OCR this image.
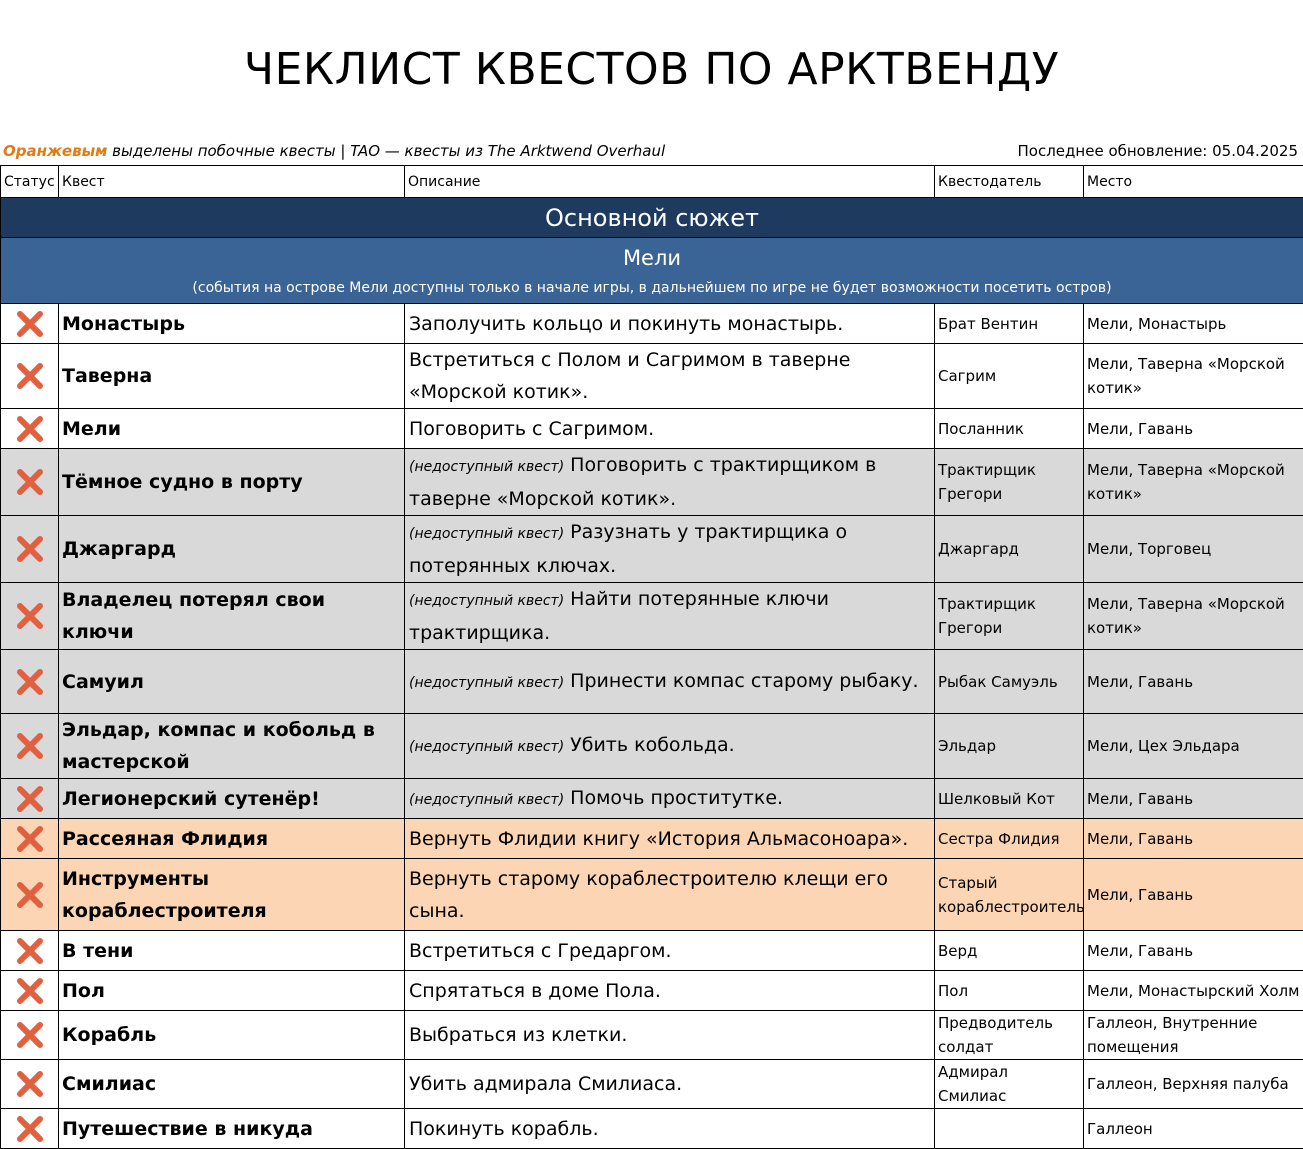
ЧЕКЛИСТ КВЕСТОВ ПО АРКТВЕНДУ
Оранжевым выделены побочные квесты | TAO — квесты из The Arktwend Overhaul	Последнее обновление: 05.04.2025
Статус	Квест	Описание	Квестодатель	Место
Основной сюжет				

Мели
(события на острове Мели доступны только в начале игры, в дальнейшем по игре не будет возможности посетить остров)				

	Монастырь	Заполучить кольцо и покинуть монастырь.	Брат Вентин	Мели, Монастырь
	Таверна	Встретиться с Полом и Сагримом в таверне «Морской котик».	Сагрим	Мели, Таверна «Морской котик»
	Мели	Поговорить с Сагримом.	Посланник	Мели, Гавань
	Тёмное судно в порту	(недоступный квест) Поговорить с трактирщиком в таверне «Морской котик».	Трактирщик Грегори	Мели, Таверна «Морской котик»
	Джаргард	(недоступный квест) Разузнать у трактирщика о потерянных ключах.	Джаргард	Мели, Торговец
	Владелец потерял свои ключи	(недоступный квест) Найти потерянные ключи трактирщика.	Трактирщик Грегори	Мели, Таверна «Морской котик»
	Самуил	(недоступный квест) Принести компас старому рыбаку.	Рыбак Самуэль	Мели, Гавань
	Эльдар, компас и кобольд в мастерской	(недоступный квест) Убить кобольда.	Эльдар	Мели, Цех Эльдара
	Легионерский сутенёр!	(недоступный квест) Помочь проститутке.	Шелковый Кот	Мели, Гавань
	Рассеяная Флидия	Вернуть Флидии книгу «История Альмасоноара».	Сестра Флидия	Мели, Гавань
	Инструменты кораблестроителя	Вернуть старому кораблестроителю клещи его сына.	Старый кораблестроитель	Мели, Гавань
	В тени	Встретиться с Гредаргом.	Верд	Мели, Гавань
	Пол	Спрятаться в доме Пола.	Пол	Мели, Монастырский Холм
	Корабль	Выбраться из клетки.	Предводитель солдат	Галлеон, Внутренние помещения
	Смилиас	Убить адмирала Смилиаса.	Адмирал Смилиас	Галлеон, Верхняя палуба
	Путешествие в никуда	Покинуть корабль.		Галлеон
